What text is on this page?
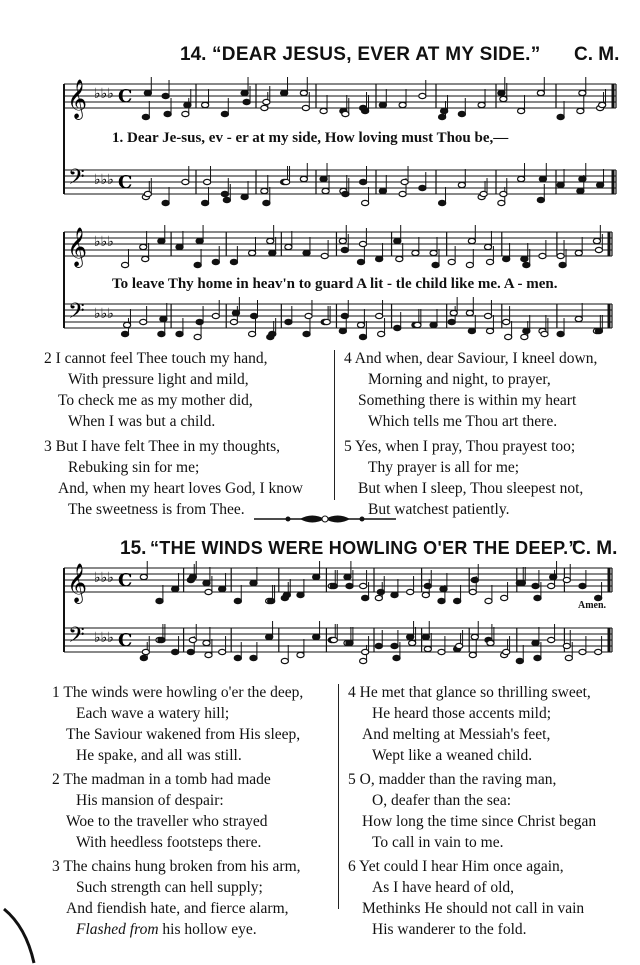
14. “DEAR JESUS, EVER AT MY SIDE.” C. M.
𝄞
𝄢
♭♭♭
♭♭♭
C
C
1. Dear Je-sus, ev - er at my side, How loving must Thou be,—
𝄞
𝄢
♭♭♭
♭♭♭
To leave Thy home in heav'n to guard A lit - tle child like me. A - men.
2 I cannot feel Thee touch my hand,
With pressure light and mild,
To check me as my mother did,
When I was but a child.
3 But I have felt Thee in my thoughts,
Rebuking sin for me;
And, when my heart loves God, I know
The sweetness is from Thee.
4 And when, dear Saviour, I kneel down,
Morning and night, to prayer,
Something there is within my heart
Which tells me Thou art there.
5 Yes, when I pray, Thou prayest too;
Thy prayer is all for me;
But when I sleep, Thou sleepest not,
But watchest patiently.
15. “THE WINDS WERE HOWLING O'ER THE DEEP.”
C. M.
𝄞
𝄢
♭♭♭
♭♭♭
C
C
Amen.
1 The winds were howling o'er the deep,
Each wave a watery hill;
The Saviour wakened from His sleep,
He spake, and all was still.
2 The madman in a tomb had made
His mansion of despair:
Woe to the traveller who strayed
With heedless footsteps there.
3 The chains hung broken from his arm,
Such strength can hell supply;
And fiendish hate, and fierce alarm,
Flashed from his hollow eye.
4 He met that glance so thrilling sweet,
He heard those accents mild;
And melting at Messiah's feet,
Wept like a weaned child.
5 O, madder than the raving man,
O, deafer than the sea:
How long the time since Christ began
To call in vain to me.
6 Yet could I hear Him once again,
As I have heard of old,
Methinks He should not call in vain
His wanderer to the fold.
